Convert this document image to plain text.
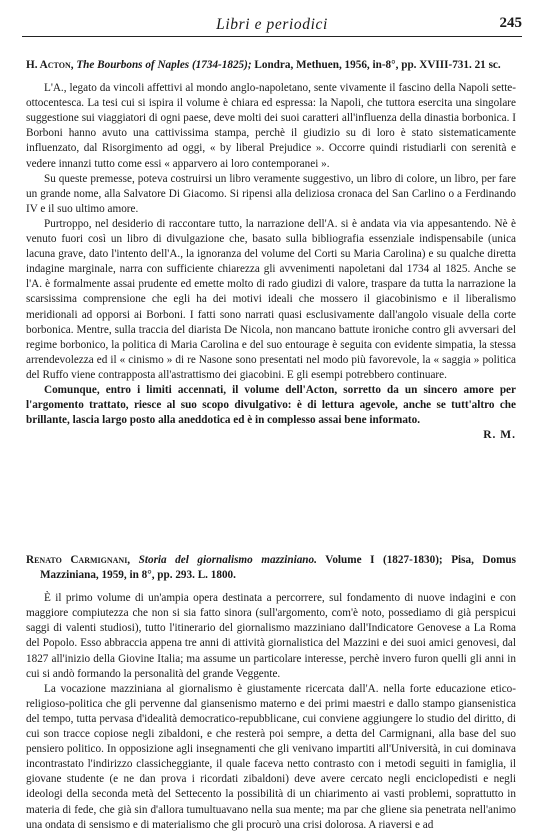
Libri e periodici	245

H. Acton, The Bourbons of Naples (1734-1825); Londra, Methuen, 1956, in-8°, pp. XVIII-731. 21 sc.

L'A., legato da vincoli affettivi al mondo anglo-napoletano, sente vivamente il fascino della Napoli sette-ottocentesca. La tesi cui si ispira il volume è chiara ed espressa: la Napoli, che tuttora esercita una singolare suggestione sui viaggiatori di ogni paese, deve molti dei suoi caratteri all'influenza della dinastia borbonica. I Borboni hanno avuto una cattivissima stampa, perchè il giudizio su di loro è stato sistematicamente influenzato, dal Risorgimento ad oggi, « by liberal Prejudice ». Occorre quindi ristudiarli con serenità e vedere innanzi tutto come essi « apparvero ai loro contemporanei ».

Su queste premesse, poteva costruirsi un libro veramente suggestivo, un libro di colore, un libro, per fare un grande nome, alla Salvatore Di Giacomo. Si ripensi alla deliziosa cronaca del San Carlino o a Ferdinando IV e il suo ultimo amore.

Purtroppo, nel desiderio di raccontare tutto, la narrazione dell'A. si è andata via via appesantendo. Nè è venuto fuori così un libro di divulgazione che, basato sulla bibliografia essenziale indispensabile (unica lacuna grave, dato l'intento dell'A., la ignoranza del volume del Corti su Maria Carolina) e su qualche diretta indagine marginale, narra con sufficiente chiarezza gli avvenimenti napoletani dal 1734 al 1825. Anche se l'A. è formalmente assai prudente ed emette molto di rado giudizi di valore, traspare da tutta la narrazione la scarsissima comprensione che egli ha dei motivi ideali che mossero il giacobinismo e il liberalismo meridionali ad opporsi ai Borboni. I fatti sono narrati quasi esclusivamente dall'angolo visuale della corte borbonica. Mentre, sulla traccia del diarista De Nicola, non mancano battute ironiche contro gli avversari del regime borbonico, la politica di Maria Carolina e del suo entourage è seguita con evidente simpatia, la stessa arrendevolezza ed il « cinismo » di re Nasone sono presentati nel modo più favorevole, la « saggia » politica del Ruffo viene contrapposta all'astrattismo dei giacobini. E gli esempi potrebbero continuare.

Comunque, entro i limiti accennati, il volume dell'Acton, sorretto da un sincero amore per l'argomento trattato, riesce al suo scopo divulgativo: è di lettura agevole, anche se tutt'altro che brillante, lascia largo posto alla aneddotica ed è in complesso assai bene informato.

R. M.

Renato Carmignani, Storia del giornalismo mazziniano. Volume I (1827-1830); Pisa, Domus Mazziniana, 1959, in 8°, pp. 293. L. 1800.

È il primo volume di un'ampia opera destinata a percorrere, sul fondamento di nuove indagini e con maggiore compiutezza che non si sia fatto sinora (sull'argomento, com'è noto, possediamo di già perspicui saggi di valenti studiosi), tutto l'itinerario del giornalismo mazziniano dall'Indicatore Genovese a La Roma del Popolo. Esso abbraccia appena tre anni di attività giornalistica del Mazzini e dei suoi amici genovesi, dal 1827 all'inizio della Giovine Italia; ma assume un particolare interesse, perchè invero furon quelli gli anni in cui si andò formando la personalità del grande Veggente.

La vocazione mazziniana al giornalismo è giustamente ricercata dall'A. nella forte educazione etico-religioso-politica che gli pervenne dal giansenismo materno e dei primi maestri e dallo stampo giansenistica del tempo, tutta pervasa d'idealità democratico-repubblicane, cui conviene aggiungere lo studio del diritto, di cui son tracce copiose negli zibaldoni, e che resterà poi sempre, a detta del Carmignani, alla base del suo pensiero politico. In opposizione agli insegnamenti che gli venivano impartiti all'Università, in cui dominava incontrastato l'indirizzo classicheggiante, il quale faceva netto contrasto con i metodi seguiti in famiglia, il giovane studente (e ne dan prova i ricordati zibaldoni) deve avere cercato negli enciclopedisti e negli ideologi della seconda metà del Settecento la possibilità di un chiarimento ai vasti problemi, soprattutto in materia di fede, che già sin d'allora tumultuavano nella sua mente; ma par che gliene sia penetrata nell'animo una ondata di sensismo e di materialismo che gli procurò una crisi dolorosa. A riaversi e ad
